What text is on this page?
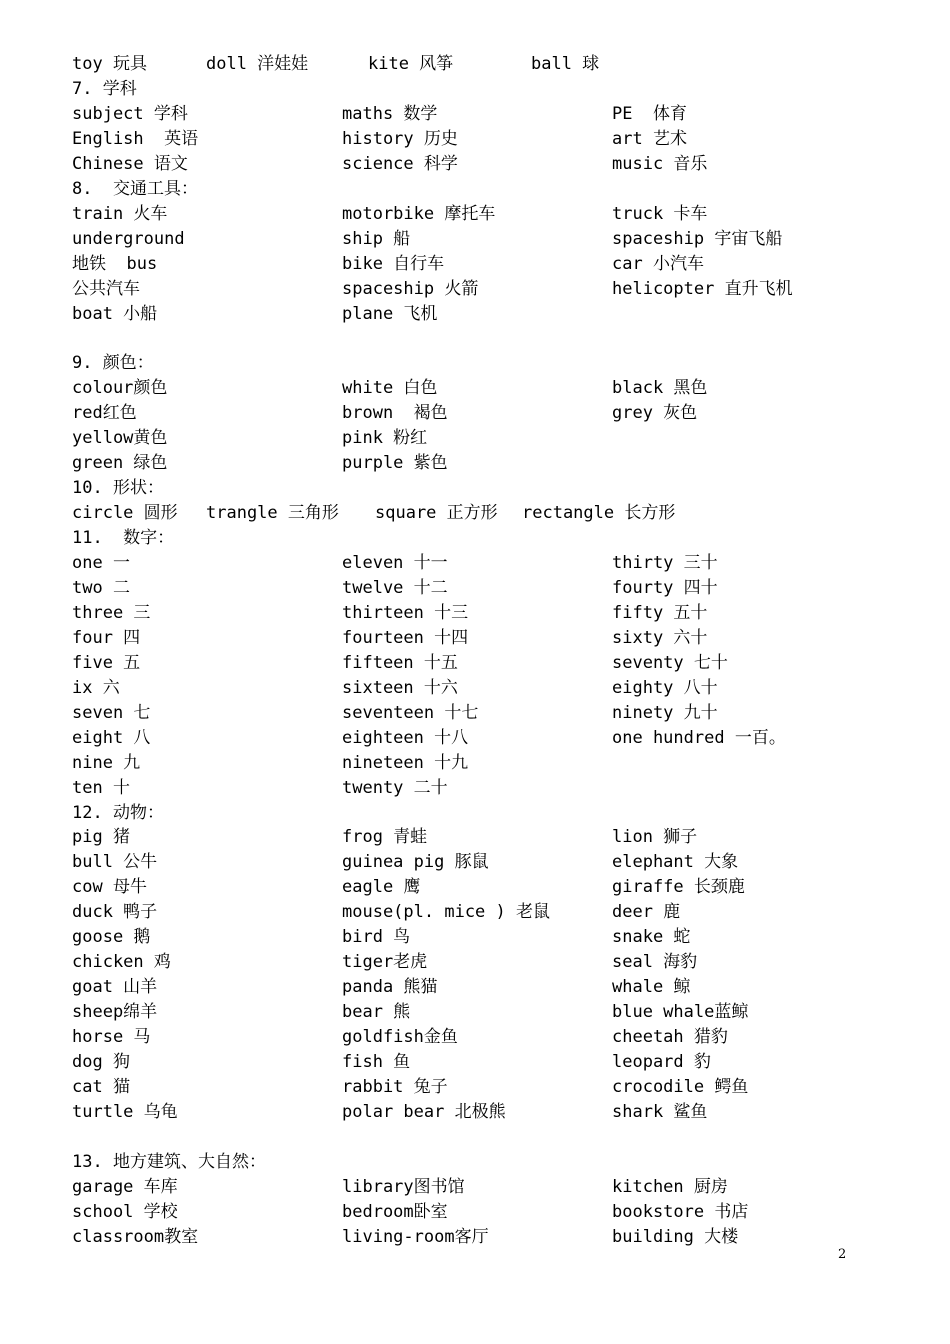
2
toy 玩具	doll 洋娃娃	kite 风筝	ball 球
7. 学科
subject 学科	maths 数学	PE  体育
English  英语	history 历史	art 艺术
Chinese 语文	science 科学	music 音乐
8.  交通工具：
train 火车	motorbike 摩托车	truck 卡车
underground	ship 船	spaceship 宇宙飞船
地铁  bus	bike 自行车	car 小汽车
公共汽车	spaceship 火箭	helicopter 直升飞机
boat 小船	plane 飞机
9. 颜色：
colour颜色	white 白色	black 黑色
red红色	brown  褐色	grey 灰色
yellow黄色	pink 粉红
green 绿色	purple 紫色
10. 形状：
circle 圆形 trangle 三角形 square 正方形 rectangle 长方形
11.  数字：
one 一	eleven 十一	thirty 三十
two 二	twelve 十二	fourty 四十
three 三	thirteen 十三	fifty 五十
four 四	fourteen 十四	sixty 六十
five 五	fifteen 十五	seventy 七十
ix 六	sixteen 十六	eighty 八十
seven 七	seventeen 十七	ninety 九十
eight 八	eighteen 十八	one hundred 一百。
nine 九	nineteen 十九
ten 十	twenty 二十
12. 动物：
pig 猪	frog 青蛙	lion 狮子
bull 公牛	guinea pig 豚鼠	elephant 大象
cow 母牛	eagle 鹰	giraffe 长颈鹿
duck 鸭子	mouse(pl. mice ) 老鼠	deer 鹿
goose 鹅	bird 鸟	snake 蛇
chicken 鸡	tiger老虎	seal 海豹
goat 山羊	panda 熊猫	whale 鲸
sheep绵羊	bear 熊	blue whale蓝鲸
horse 马	goldfish金鱼	cheetah 猎豹
dog 狗	fish 鱼	leopard 豹
cat 猫	rabbit 兔子	crocodile 鳄鱼
turtle 乌龟	polar bear 北极熊	shark 鲨鱼
13. 地方建筑、大自然：
garage 车库	library图书馆	kitchen 厨房
school 学校	bedroom卧室	bookstore 书店
classroom教室	living-room客厅	building 大楼
